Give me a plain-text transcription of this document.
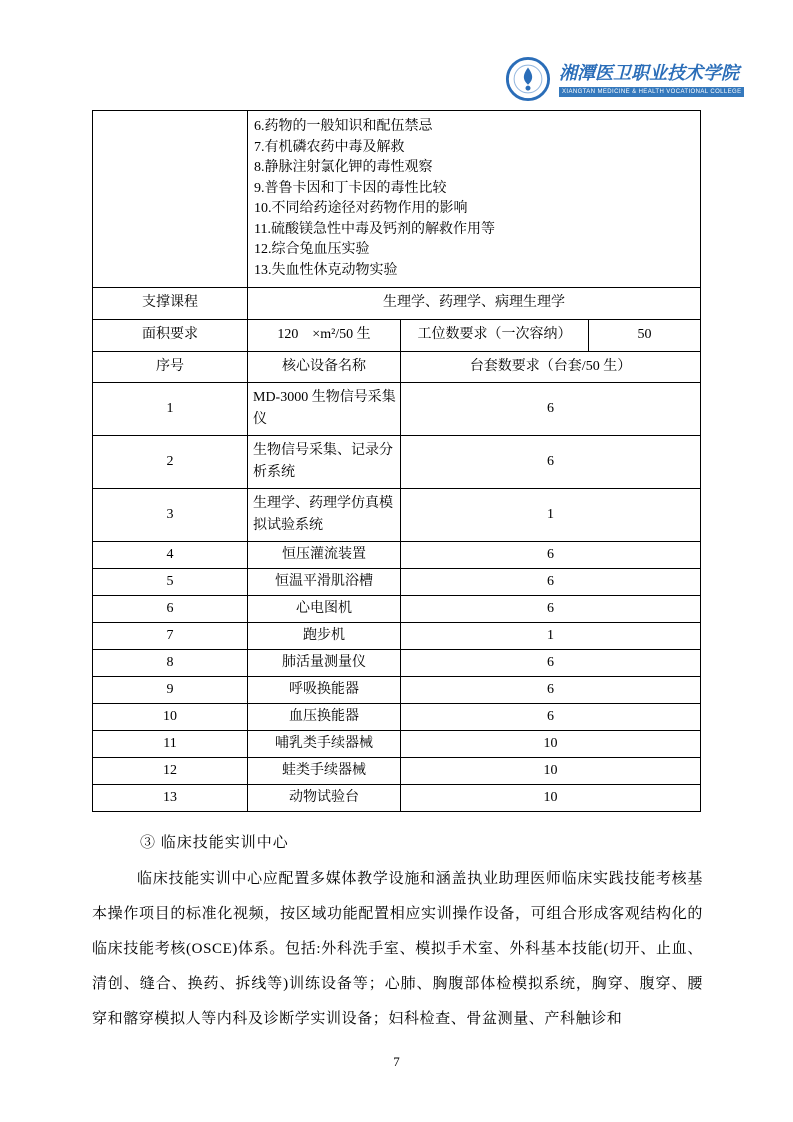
湘潭医卫职业技术学院
XIANGTAN MEDICINE & HEALTH VOCATIONAL COLLEGE

6.药物的一般知识和配伍禁忌
7.有机磷农药中毒及解救
8.静脉注射氯化钾的毒性观察
9.普鲁卡因和丁卡因的毒性比较
10.不同给药途径对药物作用的影响
11.硫酸镁急性中毒及钙剂的解救作用等
12.综合兔血压实验
13.失血性休克动物实验

支撑课程	生理学、药理学、病理生理学		
面积要求	120　×m²/50 生	工位数要求（一次容纳）	50
序号	核心设备名称	台套数要求（台套/50 生）	
1	MD-3000 生物信号采集仪	6	
2	生物信号采集、记录分析系统	6	
3	生理学、药理学仿真模拟试验系统	1	
4	恒压灌流装置	6	
5	恒温平滑肌浴槽	6	
6	心电图机	6	
7	跑步机	1	
8	肺活量测量仪	6	
9	呼吸换能器	6	
10	血压换能器	6	
11	哺乳类手续器械	10	
12	蛙类手续器械	10	
13	动物试验台	10	
③ 临床技能实训中心

临床技能实训中心应配置多媒体教学设施和涵盖执业助理医师临床实践技能考核基本操作项目的标准化视频，按区域功能配置相应实训操作设备，可组合形成客观结构化的临床技能考核(OSCE)体系。包括:外科洗手室、模拟手术室、外科基本技能(切开、止血、清创、缝合、换药、拆线等)训练设备等；心肺、胸腹部体检模拟系统，胸穿、腹穿、腰穿和髂穿模拟人等内科及诊断学实训设备；妇科检查、骨盆测量、产科触诊和

7
